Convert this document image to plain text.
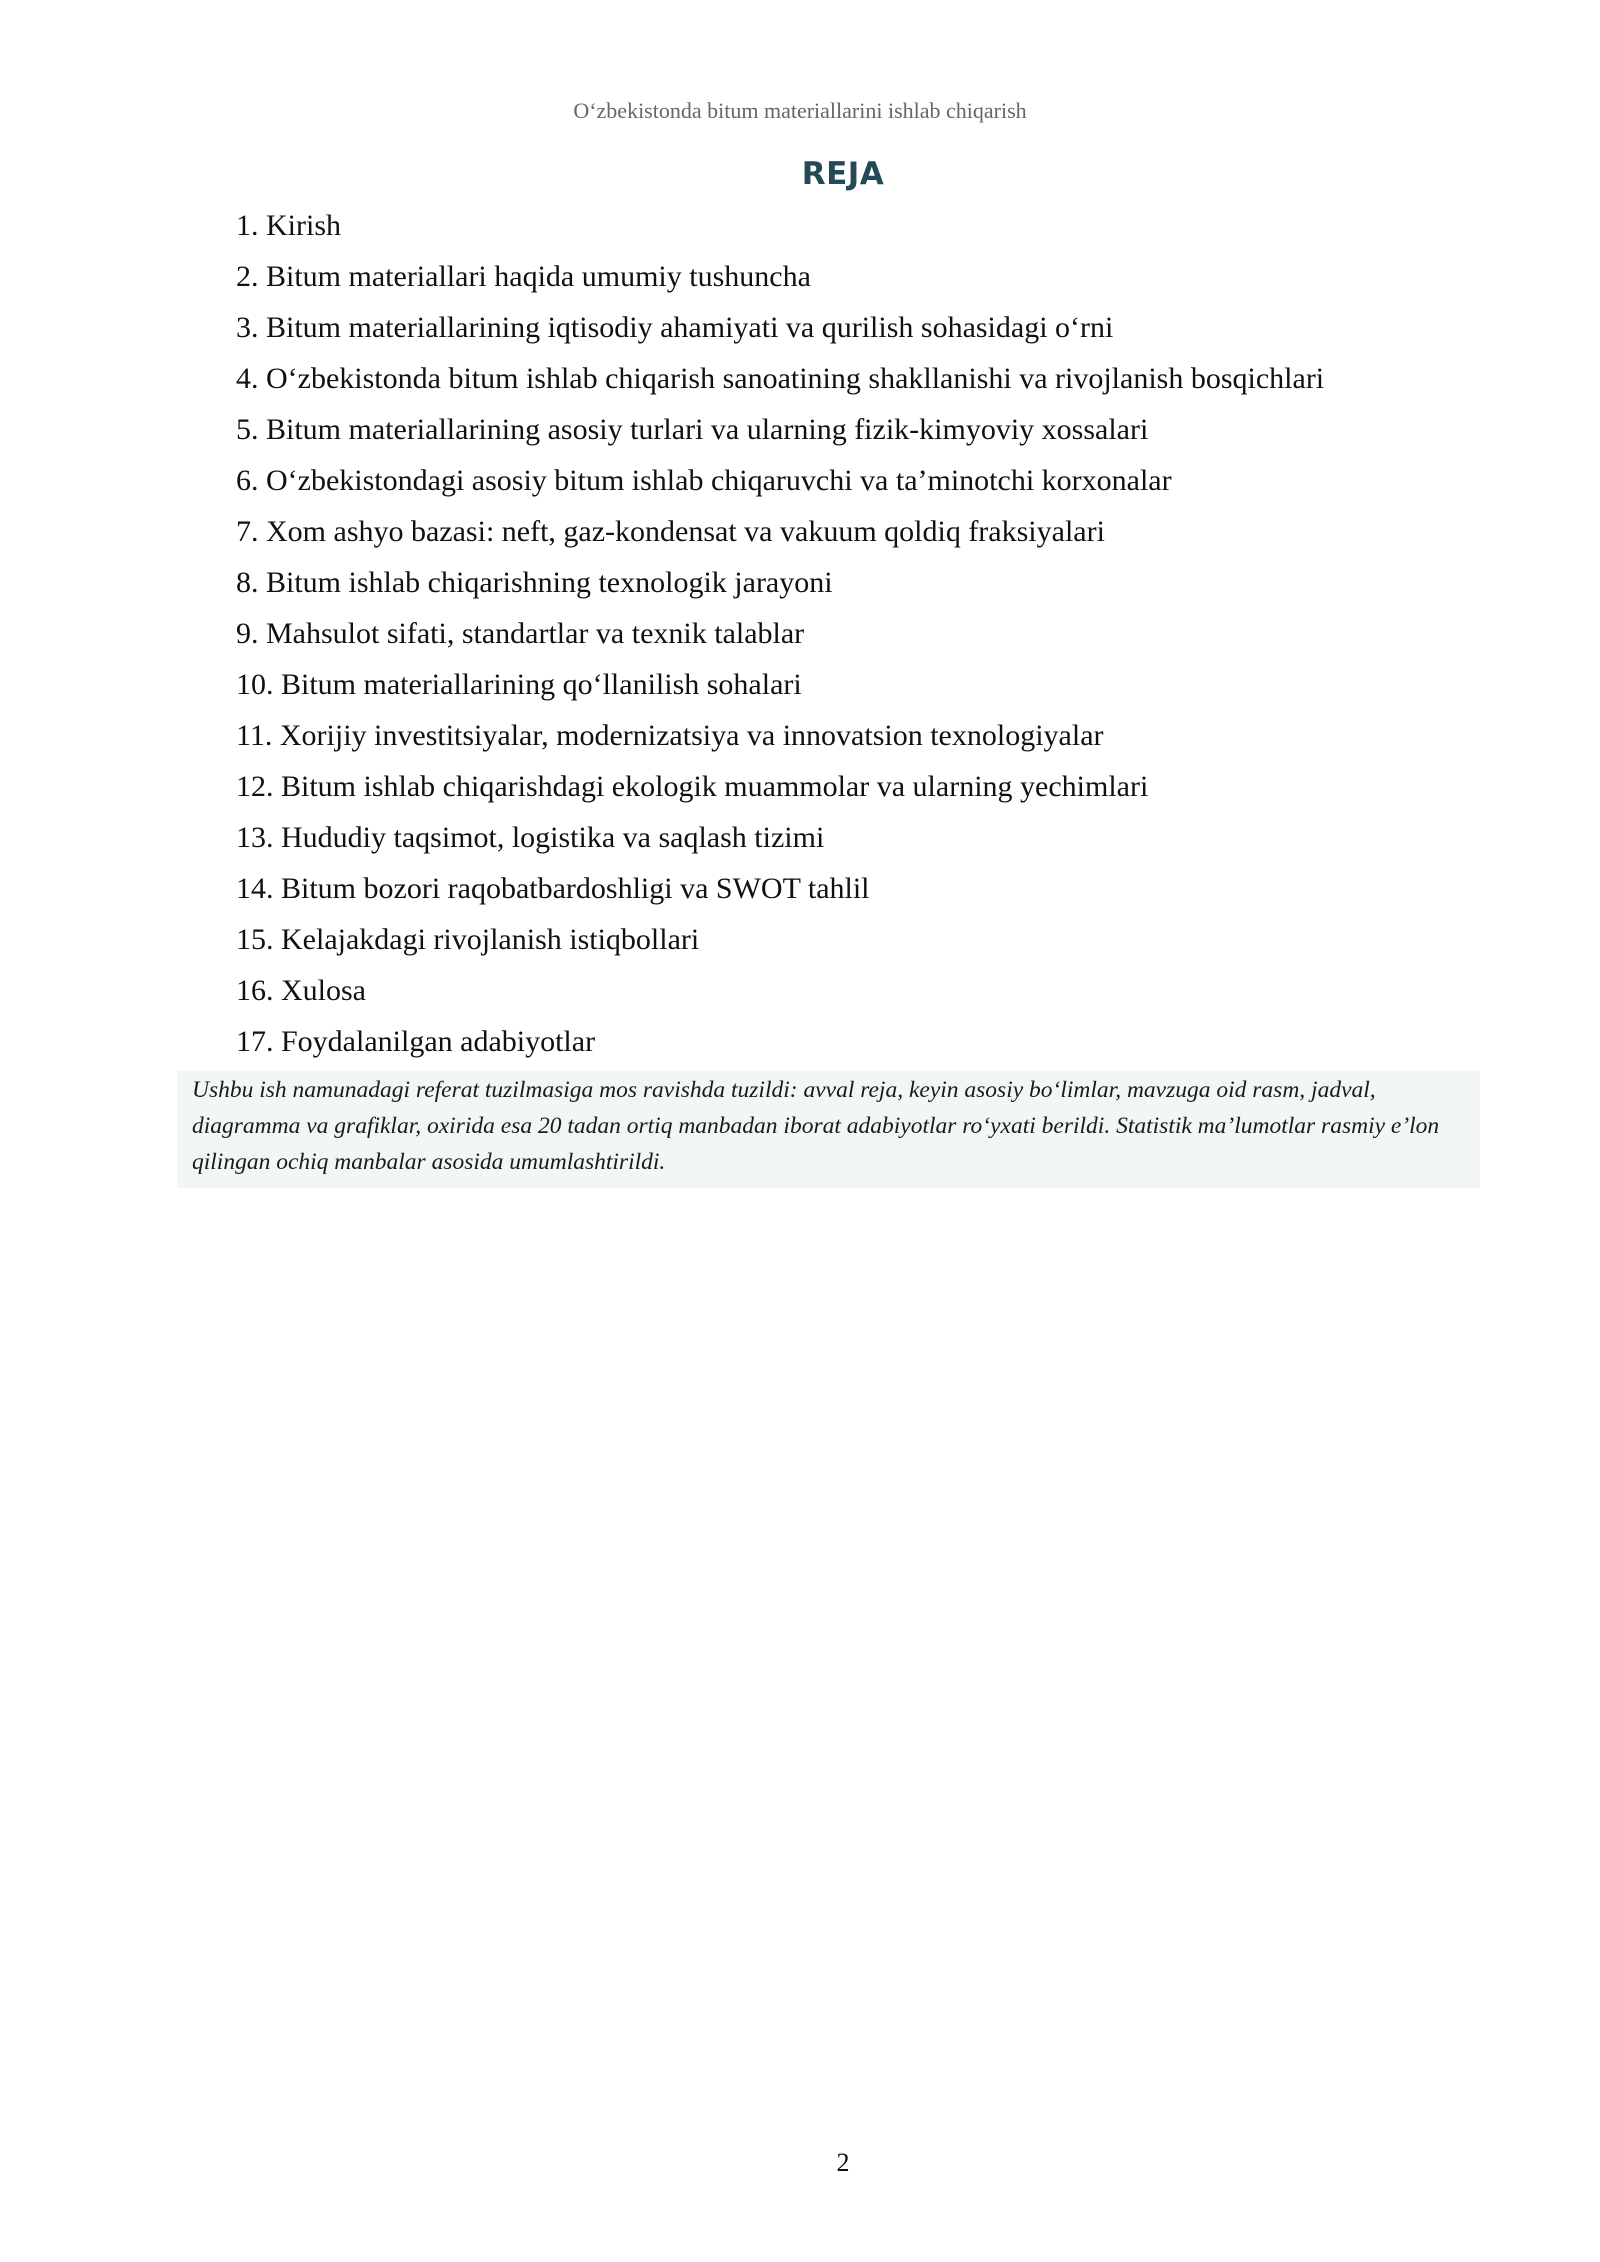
O‘zbekistonda bitum materiallarini ishlab chiqarish
REJA
1. Kirish
2. Bitum materiallari haqida umumiy tushuncha
3. Bitum materiallarining iqtisodiy ahamiyati va qurilish sohasidagi o‘rni
4. O‘zbekistonda bitum ishlab chiqarish sanoatining shakllanishi va rivojlanish bosqichlari
5. Bitum materiallarining asosiy turlari va ularning fizik-kimyoviy xossalari
6. O‘zbekistondagi asosiy bitum ishlab chiqaruvchi va ta’minotchi korxonalar
7. Xom ashyo bazasi: neft, gaz-kondensat va vakuum qoldiq fraksiyalari
8. Bitum ishlab chiqarishning texnologik jarayoni
9. Mahsulot sifati, standartlar va texnik talablar
10. Bitum materiallarining qo‘llanilish sohalari
11. Xorijiy investitsiyalar, modernizatsiya va innovatsion texnologiyalar
12. Bitum ishlab chiqarishdagi ekologik muammolar va ularning yechimlari
13. Hududiy taqsimot, logistika va saqlash tizimi
14. Bitum bozori raqobatbardoshligi va SWOT tahlil
15. Kelajakdagi rivojlanish istiqbollari
16. Xulosa
17. Foydalanilgan adabiyotlar

Ushbu ish namunadagi referat tuzilmasiga mos ravishda tuzildi: avval reja, keyin asosiy bo‘limlar, mavzuga oid rasm, jadval, diagramma va grafiklar, oxirida esa 20 tadan ortiq manbadan iborat adabiyotlar ro‘yxati berildi. Statistik ma’lumotlar rasmiy e’lon qilingan ochiq manbalar asosida umumlashtirildi.

2
